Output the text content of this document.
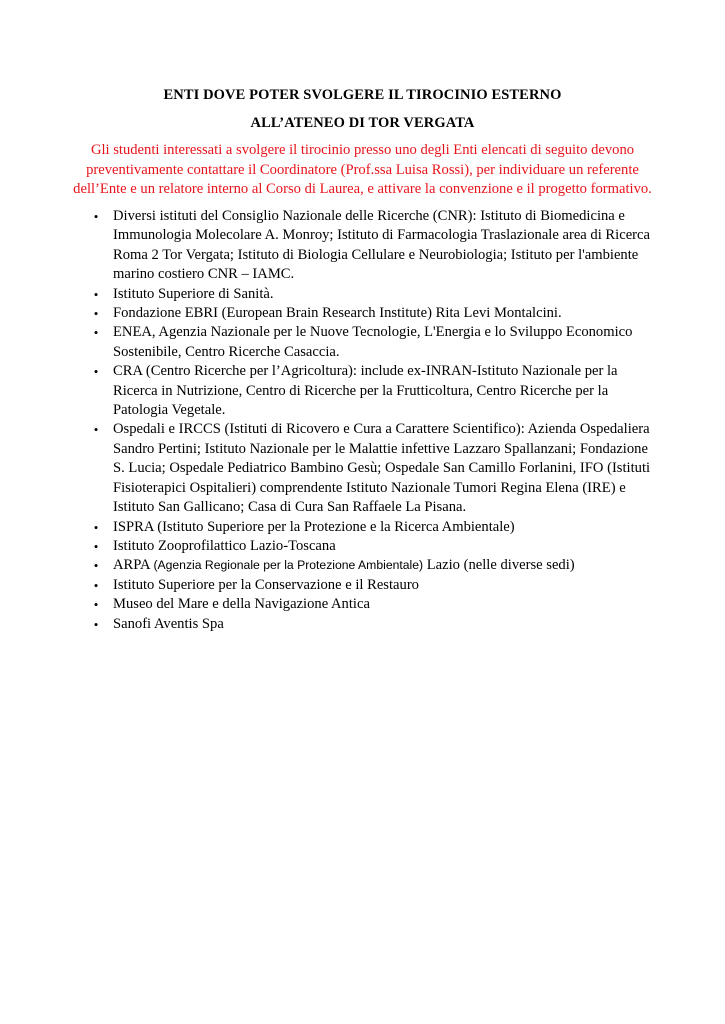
ENTI DOVE POTER SVOLGERE IL TIROCINIO ESTERNO
ALL’ATENEO DI TOR VERGATA
Gli studenti interessati a svolgere il tirocinio presso uno degli Enti elencati di seguito devono
preventivamente contattare il Coordinatore (Prof.ssa Luisa Rossi), per individuare un referente
dell’Ente e un relatore interno al Corso di Laurea, e attivare la convenzione e il progetto formativo.
• Diversi istituti del Consiglio Nazionale delle Ricerche (CNR): Istituto di Biomedicina e
Immunologia Molecolare A. Monroy; Istituto di Farmacologia Traslazionale area di Ricerca
Roma 2 Tor Vergata; Istituto di Biologia Cellulare e Neurobiologia; Istituto per l'ambiente
marino costiero CNR – IAMC.
• Istituto Superiore di Sanità.
• Fondazione EBRI (European Brain Research Institute) Rita Levi Montalcini.
• ENEA, Agenzia Nazionale per le Nuove Tecnologie, L'Energia e lo Sviluppo Economico
Sostenibile, Centro Ricerche Casaccia.
• CRA (Centro Ricerche per l’Agricoltura): include ex-INRAN-Istituto Nazionale per la
Ricerca in Nutrizione, Centro di Ricerche per la Frutticoltura, Centro Ricerche per la
Patologia Vegetale.
• Ospedali e IRCCS (Istituti di Ricovero e Cura a Carattere Scientifico): Azienda Ospedaliera
Sandro Pertini; Istituto Nazionale per le Malattie infettive Lazzaro Spallanzani; Fondazione
S. Lucia; Ospedale Pediatrico Bambino Gesù; Ospedale San Camillo Forlanini, IFO (Istituti
Fisioterapici Ospitalieri) comprendente Istituto Nazionale Tumori Regina Elena (IRE) e
Istituto San Gallicano; Casa di Cura San Raffaele La Pisana.
• ISPRA (Istituto Superiore per la Protezione e la Ricerca Ambientale)
• Istituto Zooprofilattico Lazio-Toscana
• ARPA (Agenzia Regionale per la Protezione Ambientale) Lazio (nelle diverse sedi)
• Istituto Superiore per la Conservazione e il Restauro
• Museo del Mare e della Navigazione Antica
• Sanofi Aventis Spa
